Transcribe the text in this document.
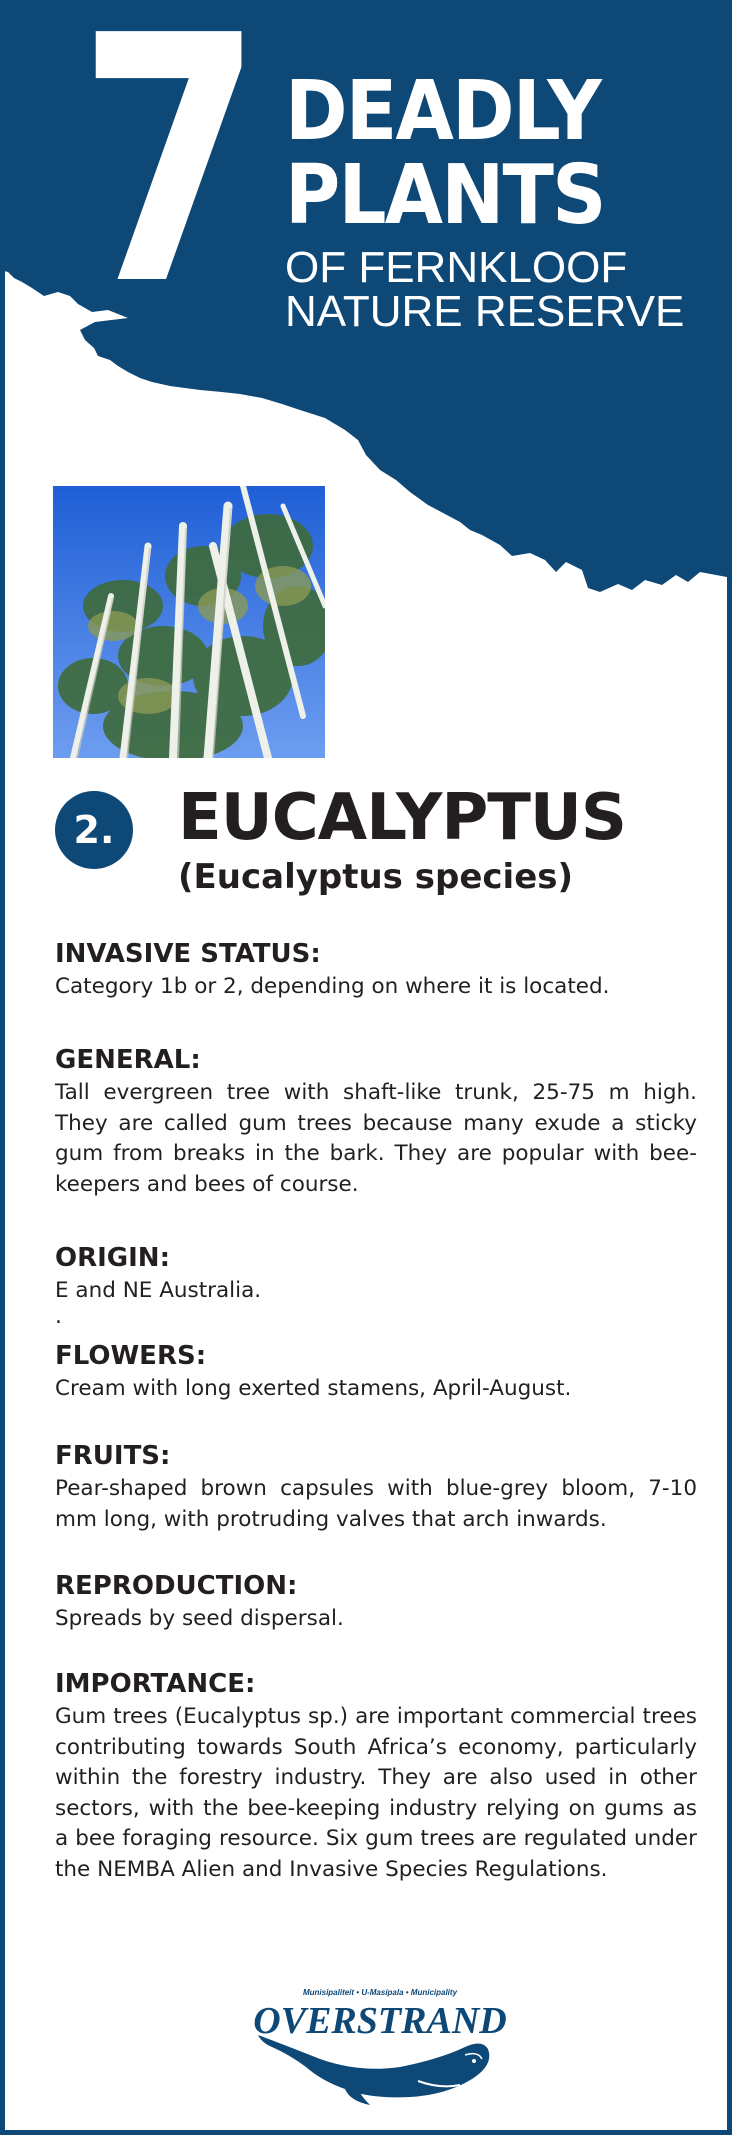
7 DEADLY
PLANTS
OF FERNKLOOF
NATURE RESERVE
2. EUCALYPTUS
(Eucalyptus species)
INVASIVE STATUS:

Category 1b or 2, depending on where it is located.

GENERAL:

Tall evergreen tree with shaft-like trunk, 25-75 m high. They are called gum trees because many exude a sticky gum from breaks in the bark. They are popular with bee-keepers and bees of course.

ORIGIN:

E and NE Australia.

.
FLOWERS:

Cream with long exerted stamens, April-August.

FRUITS:

Pear-shaped brown capsules with blue-grey bloom, 7-10 mm long, with protruding valves that arch inwards.

REPRODUCTION:

Spreads by seed dispersal.

IMPORTANCE:

Gum trees (Eucalyptus sp.) are important commercial trees contributing towards South Africa’s economy, particularly within the forestry industry. They are also used in other sectors, with the bee-keeping industry relying on gums as a bee foraging resource. Six gum trees are regulated under the NEMBA Alien and Invasive Species Regulations.

Munisipaliteit • U-Masipala • Municipality
OVERSTRAND
